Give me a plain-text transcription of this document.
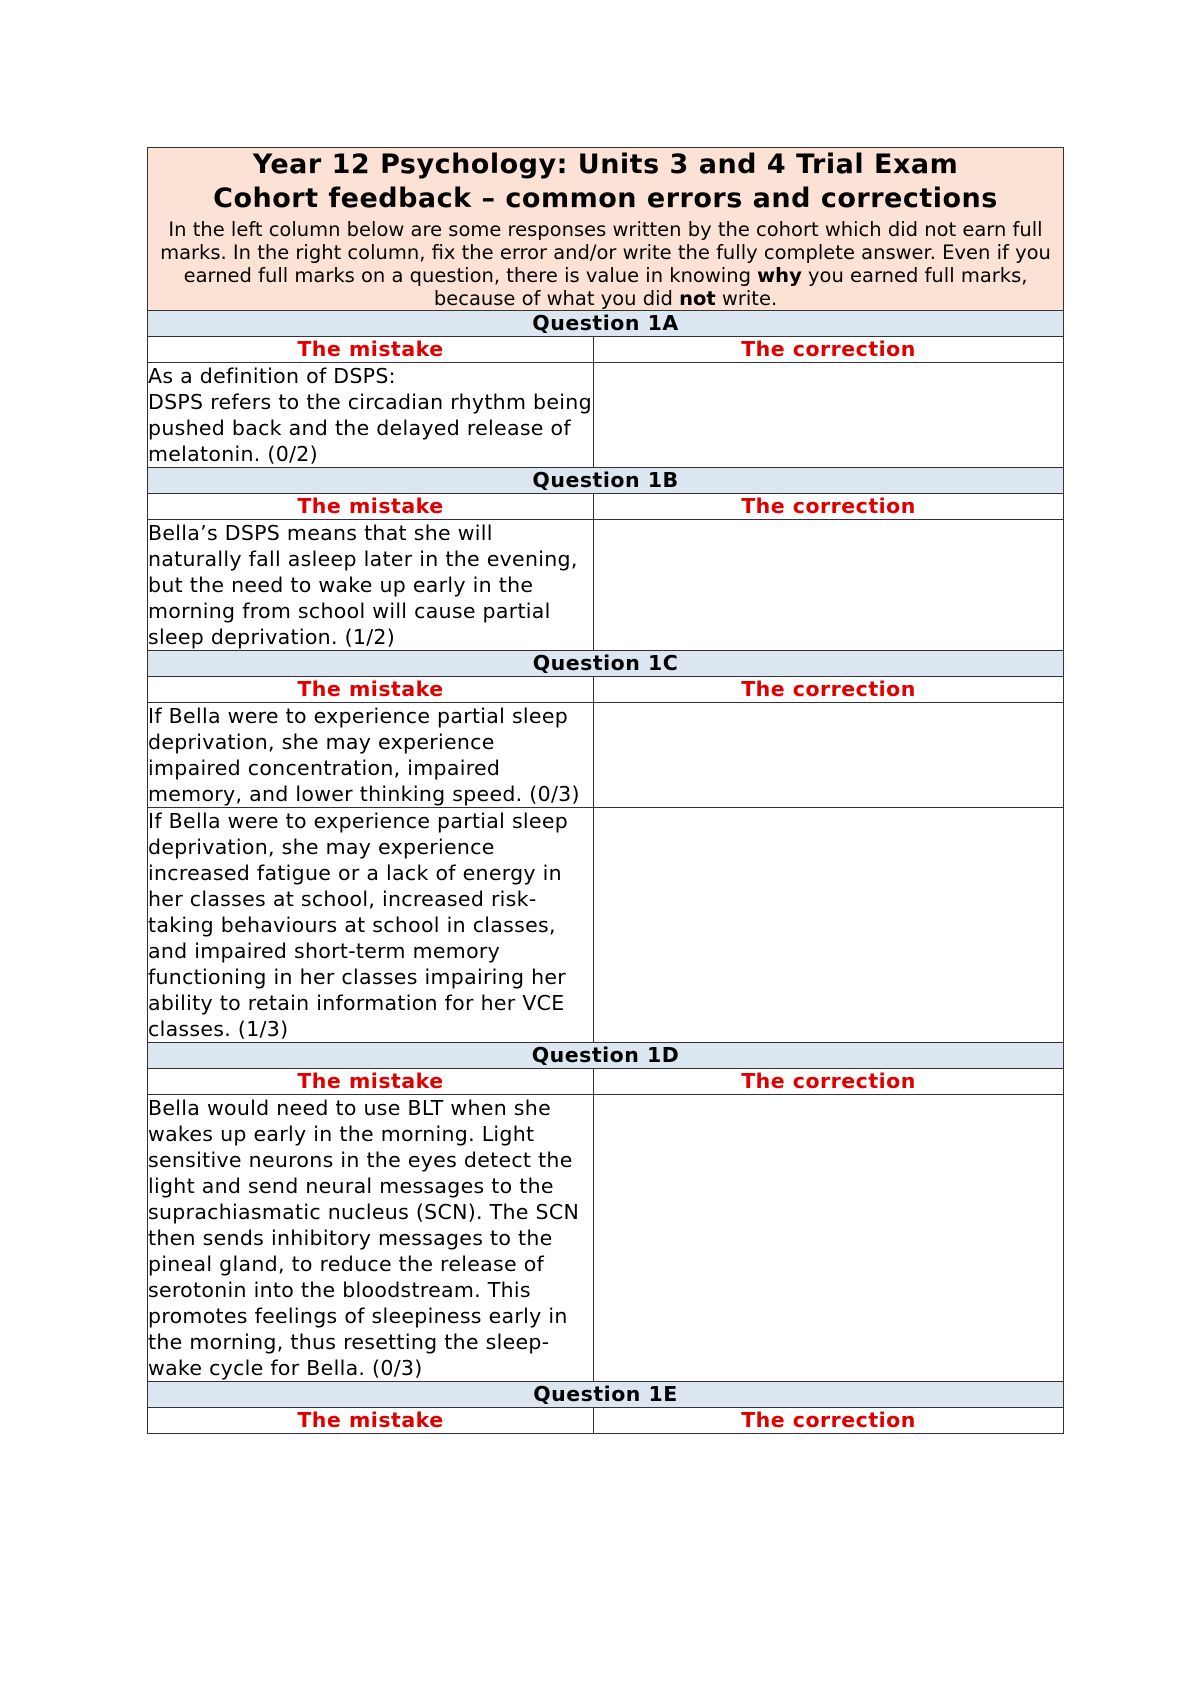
Year 12 Psychology: Units 3 and 4 Trial Exam
Cohort feedback – common errors and corrections
In the left column below are some responses written by the cohort which did not earn full marks. In the right column, fix the error and/or write the fully complete answer. Even if you earned full marks on a question, there is value in knowing why you earned full marks, because of what you did not write.	

Question 1A	
The mistake	The correction
As a definition of DSPS:
DSPS refers to the circadian rhythm being pushed back and the delayed release of melatonin. (0/2)	
Question 1B	
The mistake	The correction
Bella’s DSPS means that she will naturally fall asleep later in the evening, but the need to wake up early in the morning from school will cause partial sleep deprivation. (1/2)	
Question 1C	
The mistake	The correction
If Bella were to experience partial sleep deprivation, she may experience impaired concentration, impaired memory, and lower thinking speed. (0/3)	
If Bella were to experience partial sleep deprivation, she may experience increased fatigue or a lack of energy in her classes at school, increased risk-taking behaviours at school in classes, and impaired short-term memory functioning in her classes impairing her ability to retain information for her VCE classes. (1/3)	
Question 1D	
The mistake	The correction
Bella would need to use BLT when she wakes up early in the morning. Light sensitive neurons in the eyes detect the light and send neural messages to the suprachiasmatic nucleus (SCN). The SCN then sends inhibitory messages to the pineal gland, to reduce the release of serotonin into the bloodstream. This promotes feelings of sleepiness early in the morning, thus resetting the sleep-wake cycle for Bella. (0/3)	
Question 1E	
The mistake	The correction
